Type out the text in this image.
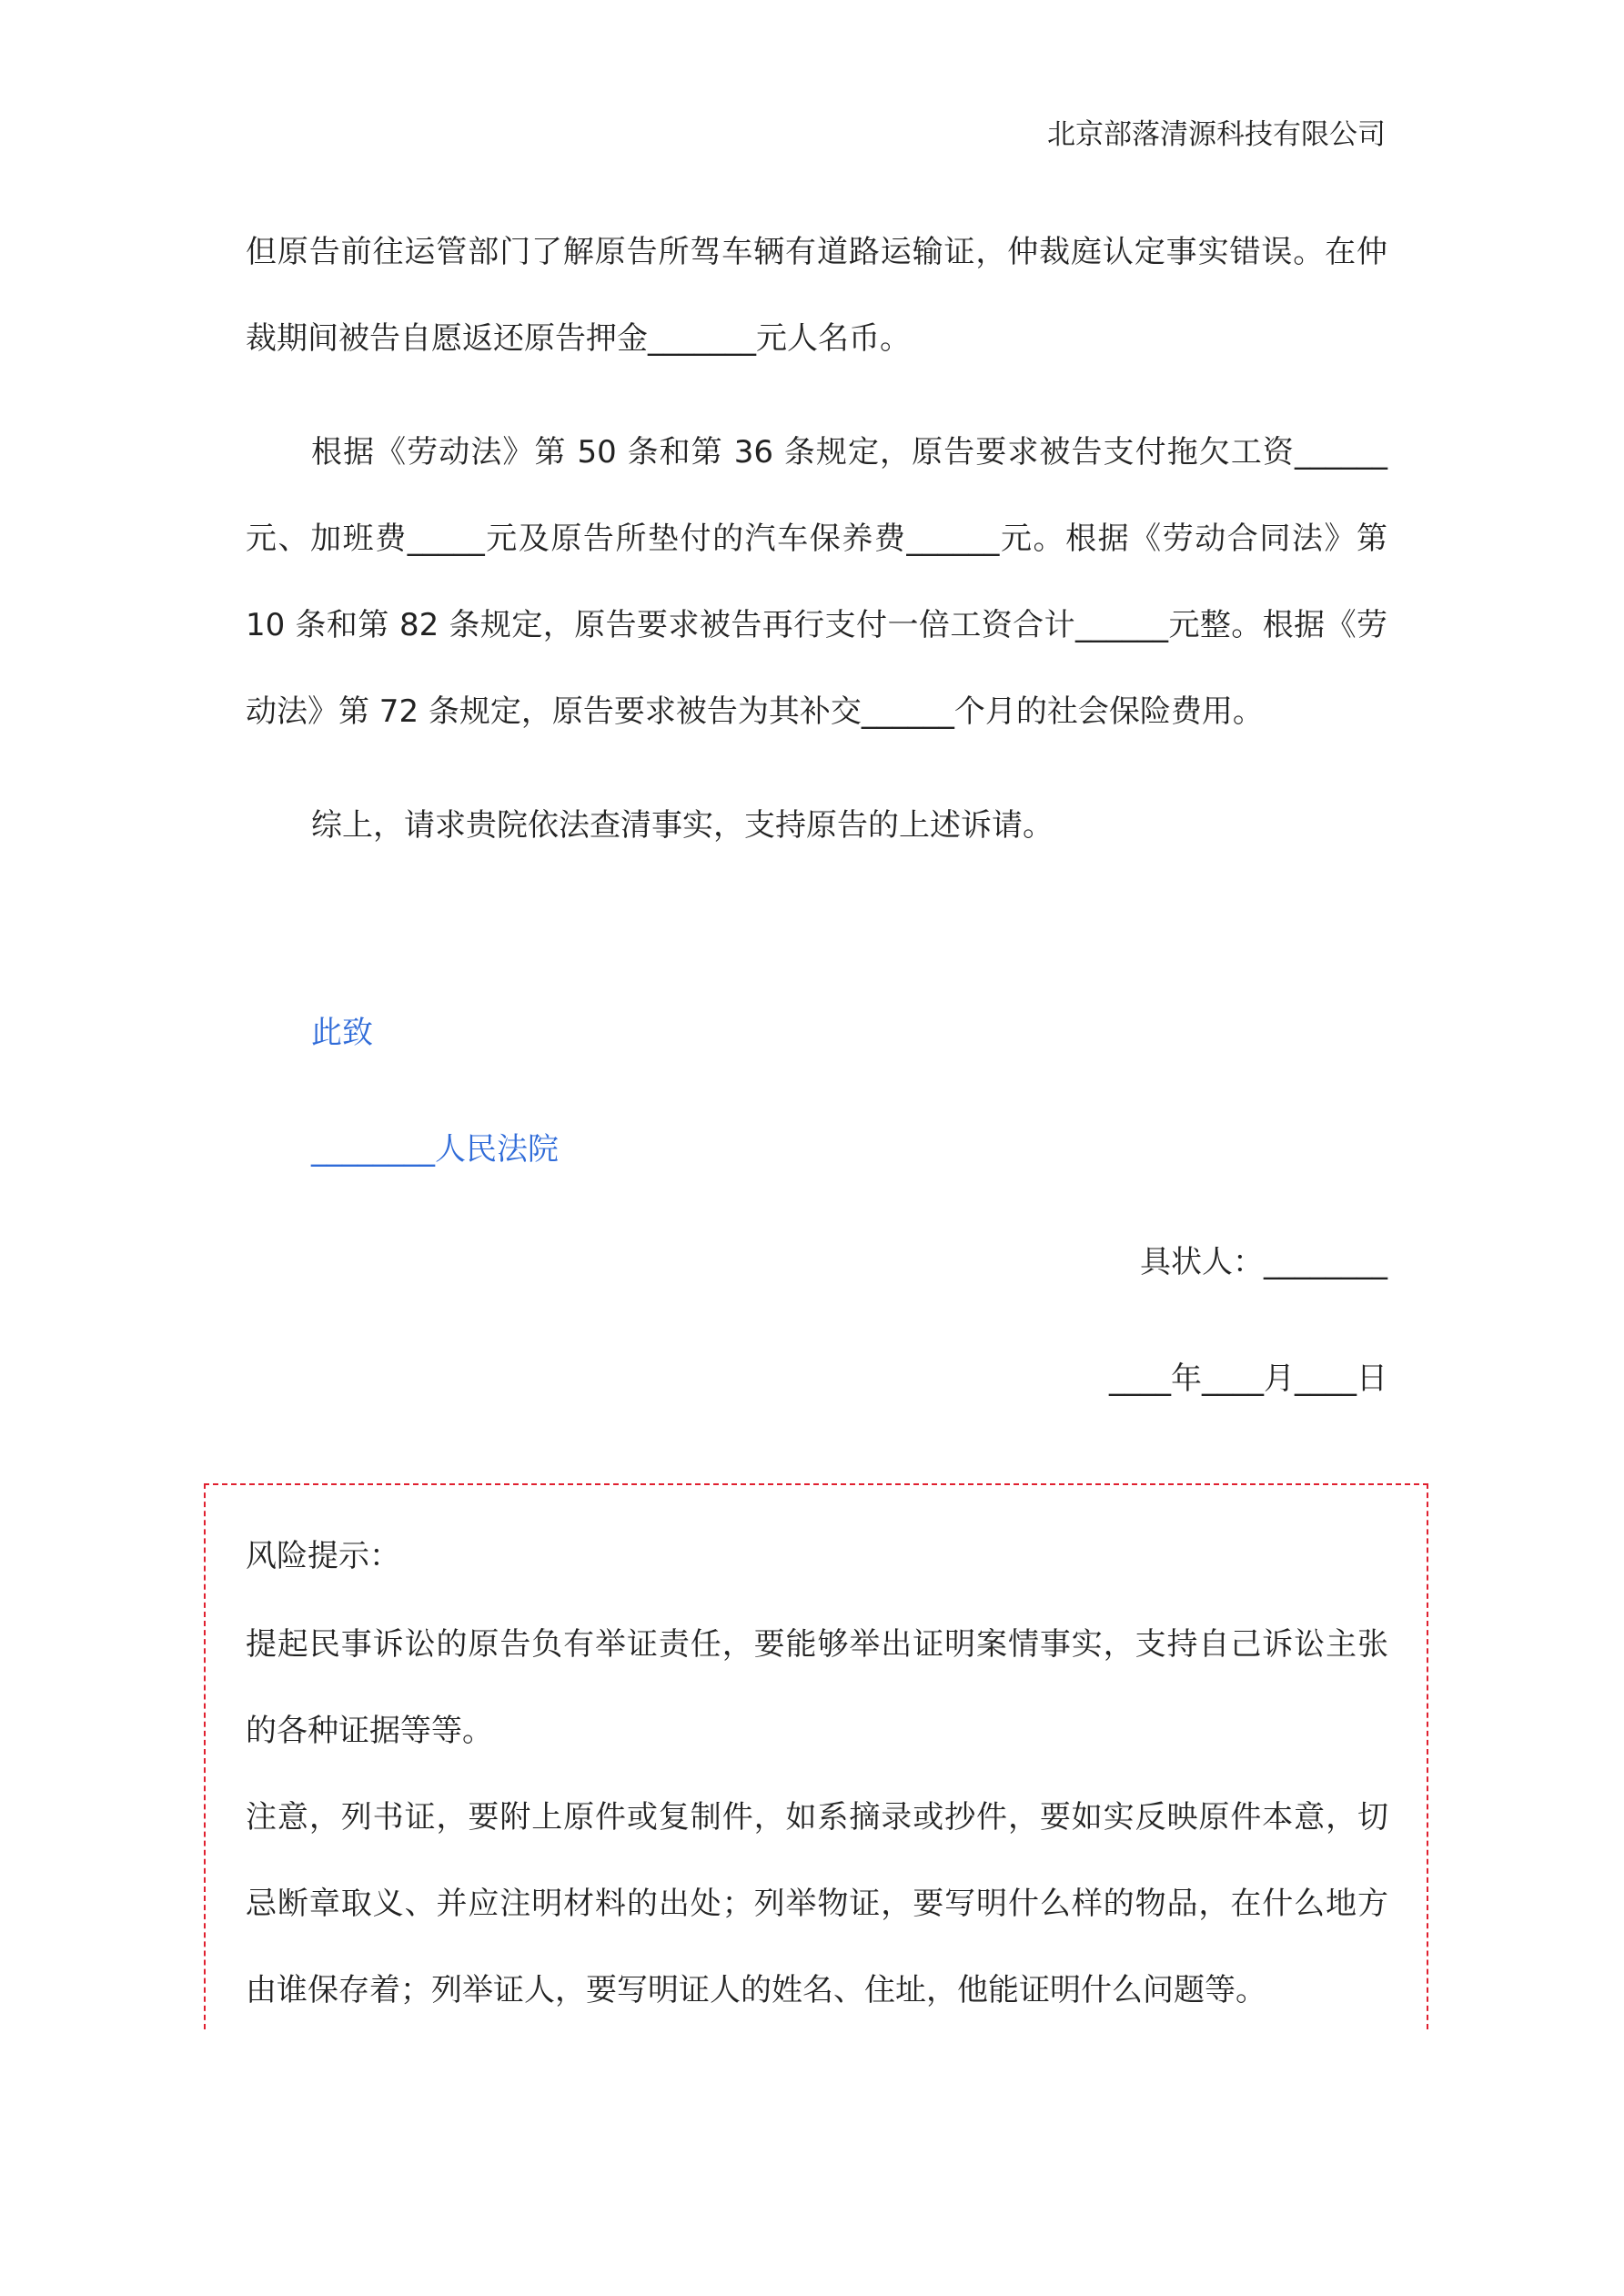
北京部落清源科技有限公司

但原告前往运管部门了解原告所驾车辆有道路运输证，仲裁庭认定事实错误。在仲裁期间被告自愿返还原告押金_______元人名币。

根据《劳动法》第 50 条和第 36 条规定，原告要求被告支付拖欠工资______元、加班费_____元及原告所垫付的汽车保养费______元。根据《劳动合同法》第 10 条和第 82 条规定，原告要求被告再行支付一倍工资合计______元整。根据《劳动法》第 72 条规定，原告要求被告为其补交______个月的社会保险费用。

综上，请求贵院依法查清事实，支持原告的上述诉请。

此致
________人民法院
具状人：________
____年____月____日
风险提示：

提起民事诉讼的原告负有举证责任，要能够举出证明案情事实，支持自己诉讼主张的各种证据等等。

注意，列书证，要附上原件或复制件，如系摘录或抄件，要如实反映原件本意，切忌断章取义、并应注明材料的出处；列举物证，要写明什么样的物品，在什么地方由谁保存着；列举证人，要写明证人的姓名、住址，他能证明什么问题等。
